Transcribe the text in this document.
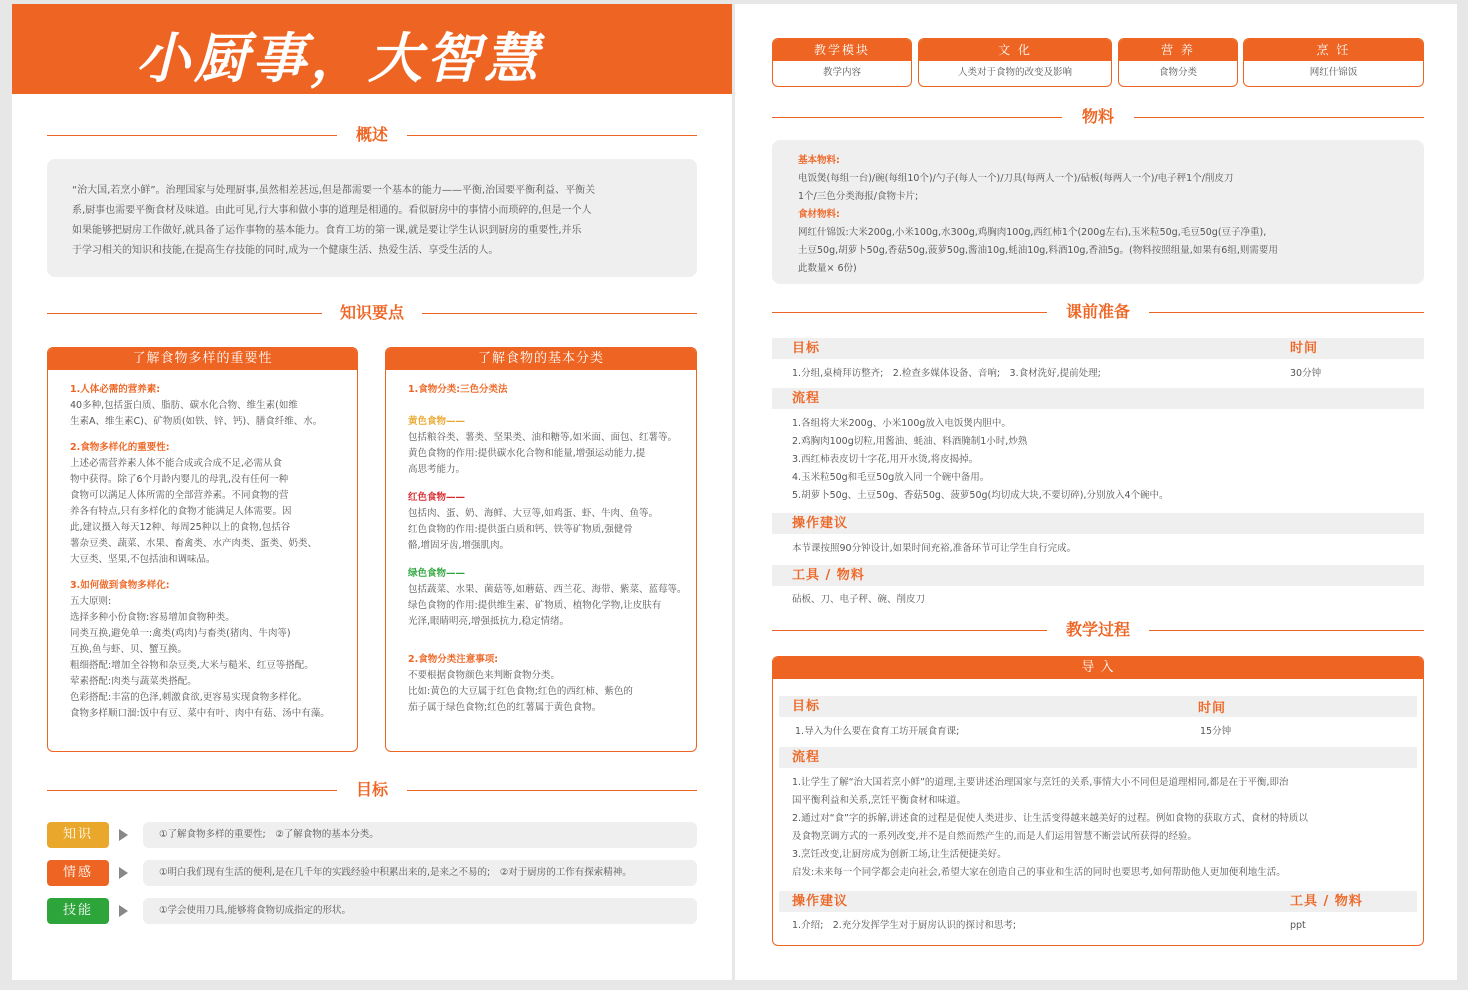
小厨事，大智慧
概述
“治大国,若烹小鲜”。治理国家与处理厨事,虽然相差甚远,但是都需要一个基本的能力——平衡,治国要平衡利益、平衡关
系,厨事也需要平衡食材及味道。由此可见,行大事和做小事的道理是相通的。看似厨房中的事情小而琐碎的,但是一个人
如果能够把厨房工作做好,就具备了运作事物的基本能力。食育工坊的第一课,就是要让学生认识到厨房的重要性,并乐
于学习相关的知识和技能,在提高生存技能的同时,成为一个健康生活、热爱生活、享受生活的人。
知识要点
了解食物多样的重要性
1.人体必需的营养素:
40多种,包括蛋白质、脂肪、碳水化合物、维生素(如维
生素A、维生素C)、矿物质(如铁、锌、钙)、膳食纤维、水。
2.食物多样化的重要性:
上述必需营养素人体不能合成或合成不足,必需从食
物中获得。除了6个月龄内婴儿的母乳,没有任何一种
食物可以满足人体所需的全部营养素。不同食物的营
养各有特点,只有多样化的食物才能满足人体需要。因
此,建议摄入每天12种、每周25种以上的食物,包括谷
薯杂豆类、蔬菜、水果、畜禽类、水产肉类、蛋类、奶类、
大豆类、坚果,不包括油和调味品。
3.如何做到食物多样化:
五大原则:
选择多种小份食物:容易增加食物种类。
同类互换,避免单一:禽类(鸡肉)与畜类(猪肉、牛肉等)
互换,鱼与虾、贝、蟹互换。
粗细搭配:增加全谷物和杂豆类,大米与糙米、红豆等搭配。
荤素搭配:肉类与蔬菜类搭配。
色彩搭配:丰富的色泽,刺激食欲,更容易实现食物多样化。
食物多样顺口溜:饭中有豆、菜中有叶、肉中有菇、汤中有藻。
了解食物的基本分类
1.食物分类:三色分类法
黄色食物——
包括粮谷类、薯类、坚果类、油和糖等,如米面、面包、红薯等。
黄色食物的作用:提供碳水化合物和能量,增强运动能力,提
高思考能力。
红色食物——
包括肉、蛋、奶、海鲜、大豆等,如鸡蛋、虾、牛肉、鱼等。
红色食物的作用:提供蛋白质和钙、铁等矿物质,强健骨
骼,增固牙齿,增强肌肉。
绿色食物——
包括蔬菜、水果、菌菇等,如蘑菇、西兰花、海带、紫菜、蓝莓等。
绿色食物的作用:提供维生素、矿物质、植物化学物,让皮肤有
光泽,眼睛明亮,增强抵抗力,稳定情绪。
2.食物分类注意事项:
不要根据食物颜色来判断食物分类。
比如:黄色的大豆属于红色食物;红色的西红柿、紫色的
茄子属于绿色食物;红色的红薯属于黄色食物。
目标
知识	①了解食物多样的重要性;　②了解食物的基本分类。
情感	①明白我们现有生活的便利,是在几千年的实践经验中积累出来的,是来之不易的;　②对于厨房的工作有探索精神。
技能	①学会使用刀具,能够将食物切成指定的形状。
教学模块
教学内容
文 化
人类对于食物的改变及影响
营 养
食物分类
烹 饪
网红什锦饭
物料
基本物料:
电饭煲(每组一台)/碗(每组10个)/勺子(每人一个)/刀具(每两人一个)/砧板(每两人一个)/电子秤1个/削皮刀
1个/三色分类海报/食物卡片;
食材物料:
网红什锦饭:大米200g,小米100g,水300g,鸡胸肉100g,西红柿1个(200g左右),玉米粒50g,毛豆50g(豆子净重),
土豆50g,胡萝卜50g,香菇50g,菠萝50g,酱油10g,蚝油10g,料酒10g,香油5g。(物料按照组量,如果有6组,则需要用
此数量× 6份)
课前准备
目标	时间
1.分组,桌椅拜访整齐;　2.检查多媒体设备、音响;　3.食材洗好,提前处理;	30分钟
流程
1.各组将大米200g、小米100g放入电饭煲内胆中。
2.鸡胸肉100g切粒,用酱油、蚝油、料酒腌制1小时,炒熟
3.西红柿表皮切十字花,用开水烫,将皮揭掉。
4.玉米粒50g和毛豆50g放入同一个碗中备用。
5.胡萝卜50g、土豆50g、香菇50g、菠萝50g(均切成大块,不要切碎),分别放入4个碗中。
操作建议
本节课按照90分钟设计,如果时间充裕,准备环节可让学生自行完成。
工具 / 物料
砧板、刀、电子秤、碗、削皮刀
教学过程
导 入
目标	时间
1.导入为什么要在食育工坊开展食育课;	15分钟
流程
1.让学生了解“治大国若烹小鲜”的道理,主要讲述治理国家与烹饪的关系,事情大小不同但是道理相同,都是在于平衡,即治
国平衡利益和关系,烹饪平衡食材和味道。
2.通过对“食”字的拆解,讲述食的过程是促使人类进步、让生活变得越来越美好的过程。例如食物的获取方式、食材的特质以
及食物烹调方式的一系列改变,并不是自然而然产生的,而是人们运用智慧不断尝试所获得的经验。
3.烹饪改变,让厨房成为创新工场,让生活便捷美好。
启发:未来每一个同学都会走向社会,希望大家在创造自己的事业和生活的同时也要思考,如何帮助他人更加便利地生活。
操作建议	工具 / 物料
1.介绍;　2.充分发挥学生对于厨房认识的探讨和思考;	ppt
